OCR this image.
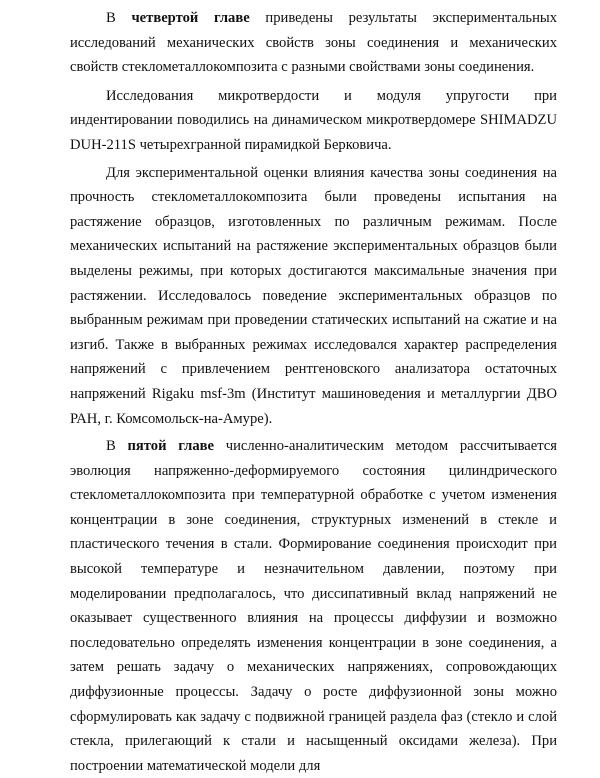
В четвертой главе приведены результаты экспериментальных исследований механических свойств зоны соединения и механических свойств стеклометаллокомпозита с разными свойствами зоны соединения.

Исследования микротвердости и модуля упругости при индентировании поводились на динамическом микротвердомере SHIMADZU DUH-211S четырехгранной пирамидкой Берковича.

Для экспериментальной оценки влияния качества зоны соединения на прочность стеклометаллокомпозита были проведены испытания на растяжение образцов, изготовленных по различным режимам. После механических испытаний на растяжение экспериментальных образцов были выделены режимы, при которых достигаются максимальные значения при растяжении. Исследовалось поведение экспериментальных образцов по выбранным режимам при проведении статических испытаний на сжатие и на изгиб. Также в выбранных режимах исследовался характер распределения напряжений с привлечением рентгеновского анализатора остаточных напряжений Rigaku msf-3m (Институт машиноведения и металлургии ДВО РАН, г. Комсомольск-на-Амуре).

В пятой главе численно-аналитическим методом рассчитывается эволюция напряженно-деформируемого состояния цилиндрического стеклометаллокомпозита при температурной обработке с учетом изменения концентрации в зоне соединения, структурных изменений в стекле и пластического течения в стали. Формирование соединения происходит при высокой температуре и незначительном давлении, поэтому при моделировании предполагалось, что диссипативный вклад напряжений не оказывает существенного влияния на процессы диффузии и возможно последовательно определять изменения концентрации в зоне соединения, а затем решать задачу о механических напряжениях, сопровождающих диффузионные процессы. Задачу о росте диффузионной зоны можно сформулировать как задачу с подвижной границей раздела фаз (стекло и слой стекла, прилегающий к стали и насыщенный оксидами железа). При построении математической модели для
